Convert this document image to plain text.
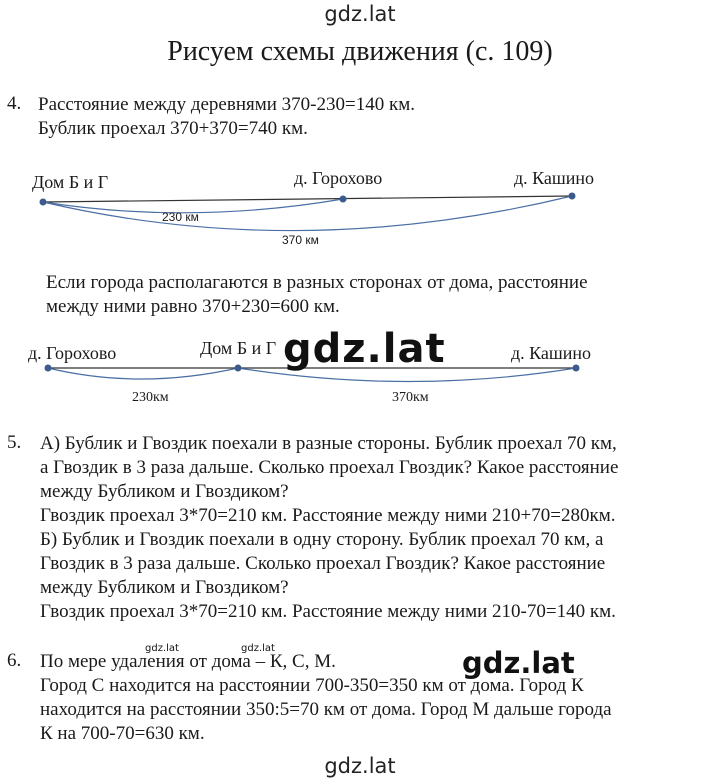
gdz.lat
gdz.lat
Рисуем схемы движения (с. 109)
4. Расстояние между деревнями 370-230=140 км.
Бублик проехал 370+370=740 км.
Дом Б и Г	д. Горохово	д. Кашино
230 км
370 км
Если города располагаются в разных сторонах от дома, расстояние
между ними равно 370+230=600 км.
д. Горохово	Дом Б и Г	д. Кашино
230км	370км
gdz.lat
5. А) Бублик и Гвоздик поехали в разные стороны. Бублик проехал 70 км,
а Гвоздик в 3 раза дальше. Сколько проехал Гвоздик? Какое расстояние
между Бубликом и Гвоздиком?
Гвоздик проехал 3*70=210 км. Расстояние между ними 210+70=280км.
Б) Бублик и Гвоздик поехали в одну сторону. Бублик проехал 70 км, а
Гвоздик в 3 раза дальше. Сколько проехал Гвоздик? Какое расстояние
между Бубликом и Гвоздиком?
Гвоздик проехал 3*70=210 км. Расстояние между ними 210-70=140 км.
6. По мере удаления от дома – К, С, М.
Город С находится на расстоянии 700-350=350 км от дома. Город К
находится на расстоянии 350:5=70 км от дома. Город М дальше города
К на 700-70=630 км.
gdz.lat	gdz.lat	gdz.lat
